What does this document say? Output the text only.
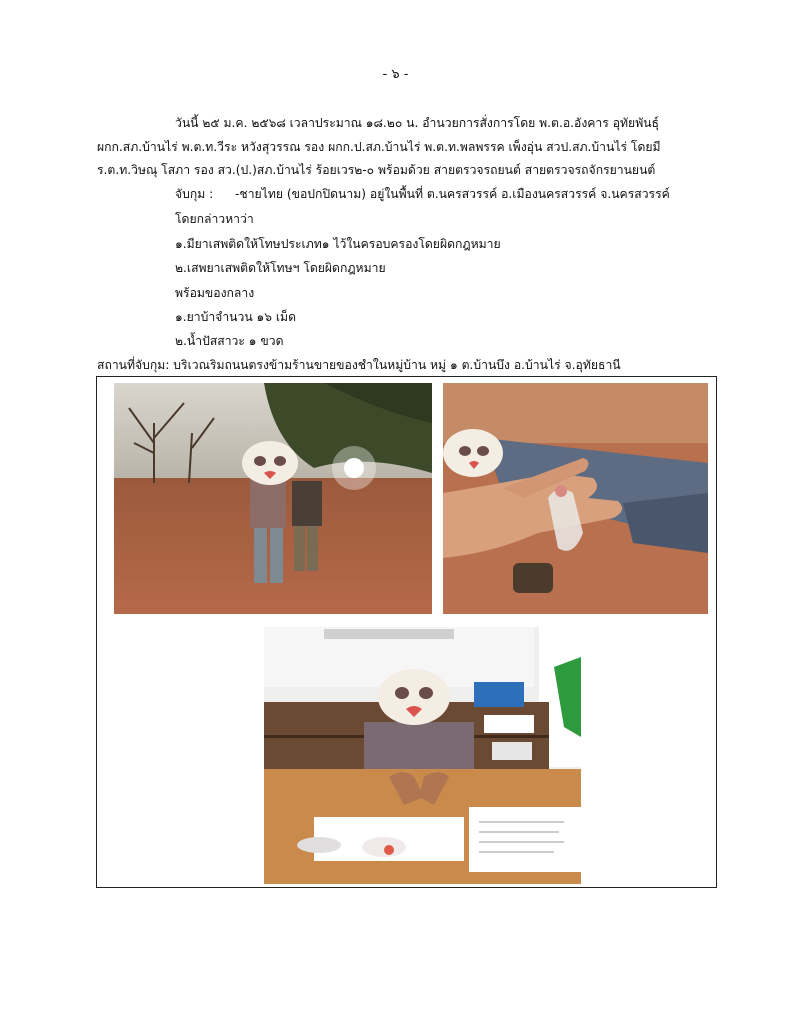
- ๖ -
วันนี้ ๒๕ ม.ค. ๒๕๖๘ เวลาประมาณ ๑๘.๒๐ น. อำนวยการสั่งการโดย พ.ต.อ.อังคาร อุทัยพันธุ์
ผกก.สภ.บ้านไร่ พ.ต.ท.วีระ หวังสุวรรณ รอง ผกก.ป.สภ.บ้านไร่ พ.ต.ท.พลพรรค เพ็งอุ่น สวป.สภ.บ้านไร่ โดยมี
ร.ต.ท.วิษณุ โสภา รอง สว.(ป.)สภ.บ้านไร่ ร้อยเวร๒-๐ พร้อมด้วย สายตรวจรถยนต์ สายตรวจรถจักรยานยนต์
จับกุม : -ชายไทย (ขอปกปิดนาม) อยู่ในพื้นที่ ต.นครสวรรค์ อ.เมืองนครสวรรค์ จ.นครสวรรค์
โดยกล่าวหาว่า
๑.มียาเสพติดให้โทษประเภท๑ ไว้ในครอบครองโดยผิดกฎหมาย
๒.เสพยาเสพติดให้โทษฯ โดยผิดกฎหมาย
พร้อมของกลาง
๑.ยาบ้าจำนวน ๑๖ เม็ด
๒.น้ำปัสสาวะ ๑ ขวด
สถานที่จับกุม: บริเวณริมถนนตรงข้ามร้านขายของชำในหมู่บ้าน หมู่ ๑ ต.บ้านบึง อ.บ้านไร่ จ.อุทัยธานี
